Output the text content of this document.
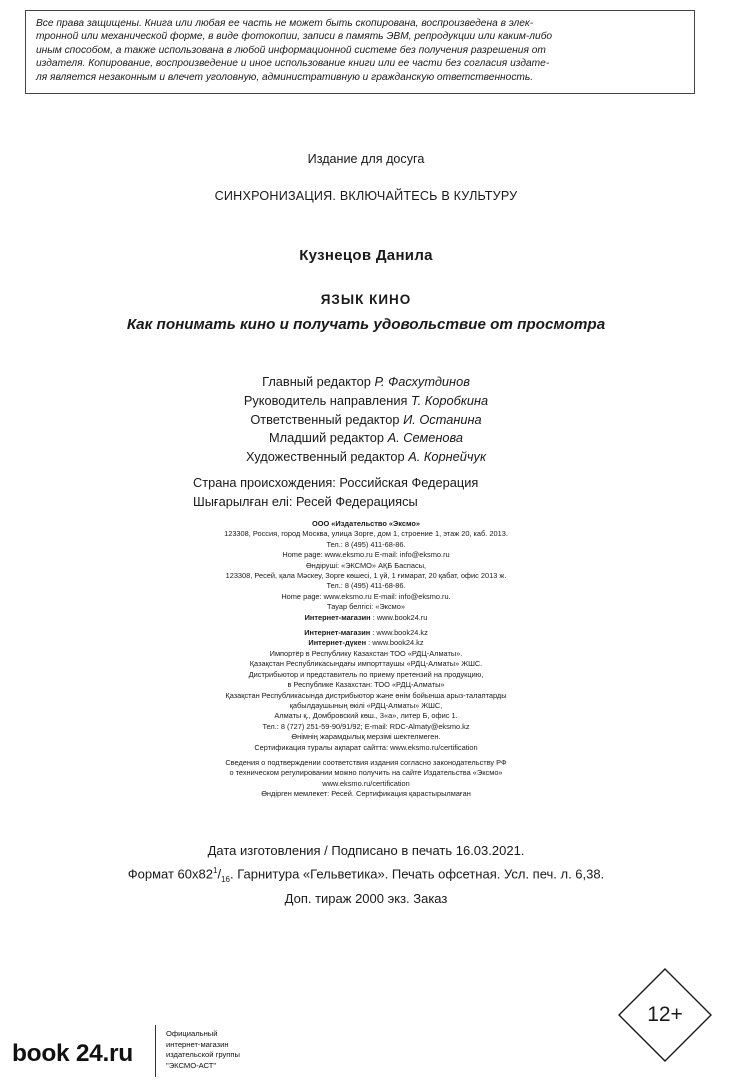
Все права защищены. Книга или любая ее часть не может быть скопирована, воспроизведена в элек-
тронной или механической форме, в виде фотокопии, записи в память ЭВМ, репродукции или каким-либо
иным способом, а также использована в любой информационной системе без получения разрешения от
издателя. Копирование, воспроизведение и иное использование книги или ее части без согласия издате-
ля является незаконным и влечет уголовную, административную и гражданскую ответственность.
Издание для досуга
СИНХРОНИЗАЦИЯ. ВКЛЮЧАЙТЕСЬ В КУЛЬТУРУ
Кузнецов Данила
ЯЗЫК КИНО
Как понимать кино и получать удовольствие от просмотра
Главный редактор Р. Фасхутдинов
Руководитель направления Т. Коробкина
Ответственный редактор И. Останина
Младший редактор А. Семенова
Художественный редактор А. Корнейчук
Страна происхождения: Российская Федерация
Шығарылған елі: Ресей Федерациясы
ООО «Издательство «Эксмо»
123308, Россия, город Москва, улица Зорге, дом 1, строение 1, этаж 20, каб. 2013.
Тел.: 8 (495) 411-68-86.
Home page: www.eksmo.ru E-mail: info@eksmo.ru
Өндіруші: «ЭКСМО» АҚБ Баспасы,
123308, Ресей, қала Мәскеу, Зорге көшесі, 1 үй, 1 ғимарат, 20 қабат, офис 2013 ж.
Тел.: 8 (495) 411-68-86.
Home page: www.eksmo.ru E-mail: info@eksmo.ru.
Тауар белгісі: «Эксмо»
Интернет-магазин : www.book24.ru
Интернет-магазин : www.book24.kz
Интернет-дүкен : www.book24.kz
Импортёр в Республику Казахстан ТОО «РДЦ-Алматы».
Қазақстан Республикасындағы импорттаушы «РДЦ-Алматы» ЖШС.
Дистрибьютор и представитель по приему претензий на продукцию,
в Республике Казахстан: ТОО «РДЦ-Алматы»
Қазақстан Республикасында дистрибьютор және өнім бойынша арыз-талаптарды
қабылдаушының өкілі «РДЦ-Алматы» ЖШС,
Алматы қ., Домбровский көш., 3«а», литер Б, офис 1.
Тел.: 8 (727) 251-59-90/91/92; E-mail: RDC-Almaty@eksmo.kz
Өнімнің жарамдылық мерзімі шектелмеген.
Сертификация туралы ақпарат сайтта: www.eksmo.ru/certification
Сведения о подтверждении соответствия издания согласно законодательству РФ
о техническом регулировании можно получить на сайте Издательства «Эксмо»
www.eksmo.ru/certification
Өндірген мемлекет: Ресей. Сертификация қарастырылмаған
Дата изготовления / Подписано в печать 16.03.2021.
Формат $60x82^1/_{16}$. Гарнитура «Гельветика». Печать офсетная. Усл. печ. л. 6,38.
Доп. тираж 2000 экз. Заказ
12+
book 24.ru
Официальный
интернет-магазин
издательской группы
"ЭКСМО-АСТ"
